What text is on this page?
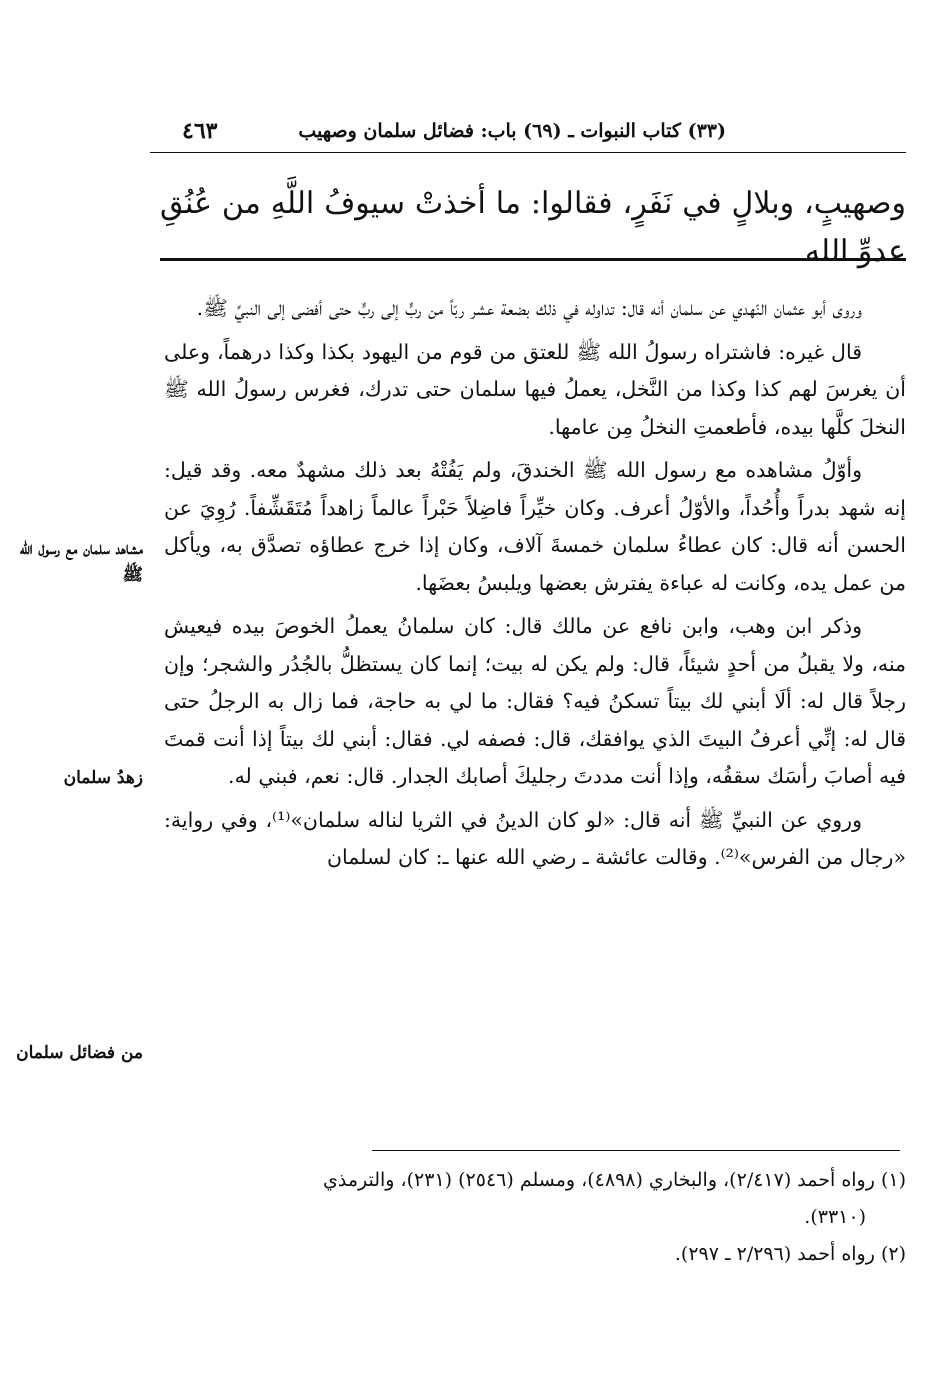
(٣٣) كتاب النبوات ـ (٦٩) باب: فضائل سلمان وصهيب
٤٦٣
وصهيبٍ، وبلالٍ في نَفَرٍ، فقالوا: ما أخذتْ سيوفُ اللَّهِ من عُنُقِ عدوِّ الله

وروى أبو عثمان النّهدي عن سلمان أنه قال: تداوله في ذلك بضعة عشر ربّاً من ربٍّ إلى ربٍّ حتى أفضى إلى النبيِّ ﷺ.

قال غيره: فاشتراه رسولُ الله ﷺ للعتق من قوم من اليهود بكذا وكذا درهماً، وعلى أن يغرسَ لهم كذا وكذا من النَّخل، يعملُ فيها سلمان حتى تدرك، فغرس رسولُ الله ﷺ النخلَ كلَّها بيده، فأطعمتِ النخلُ مِن عامها.

وأوّلُ مشاهده مع رسول الله ﷺ الخندقَ، ولم يَفُتْهُ بعد ذلك مشهدٌ معه. وقد قيل: إنه شهد بدراً وأُحُداً، والأوّلُ أعرف. وكان خيِّراً فاضِلاً حَبْراً عالماً زاهداً مُتَقَشِّفاً. رُوِيَ عن الحسن أنه قال: كان عطاءُ سلمان خمسةَ آلاف، وكان إذا خرج عطاؤه تصدَّق به، ويأكل من عمل يده، وكانت له عباءة يفترش بعضها ويلبسُ بعضَها.

وذكر ابن وهب، وابن نافع عن مالك قال: كان سلمانُ يعملُ الخوصَ بيده فيعيش منه، ولا يقبلُ من أحدٍ شيئاً، قال: ولم يكن له بيت؛ إنما كان يستظلُّ بالجُدُر والشجر؛ وإن رجلاً قال له: ألَا أبني لك بيتاً تسكنُ فيه؟ فقال: ما لي به حاجة، فما زال به الرجلُ حتى قال له: إنِّي أعرفُ البيتَ الذي يوافقك، قال: فصفه لي. فقال: أبني لك بيتاً إذا أنت قمتَ فيه أصابَ رأسَك سقفُه، وإذا أنت مددتَ رجليكَ أصابك الجدار. قال: نعم، فبني له.

وروي عن النبيِّ ﷺ أنه قال: «لو كان الدينُ في الثريا لناله سلمان»⁽¹⁾، وفي رواية: «رجال من الفرس»⁽²⁾. وقالت عائشة ـ رضي الله عنها ـ: كان لسلمان

مشاهد سلمان مع رسول الله ﷺ
زهدُ سلمان
من فضائل سلمان

(١) رواه أحمد (٢/٤١٧)، والبخاري (٤٨٩٨)، ومسلم (٢٥٤٦) (٢٣١)، والترمذي

(٣٣١٠).

(٢) رواه أحمد (٢/٢٩٦ ـ ٢٩٧).
